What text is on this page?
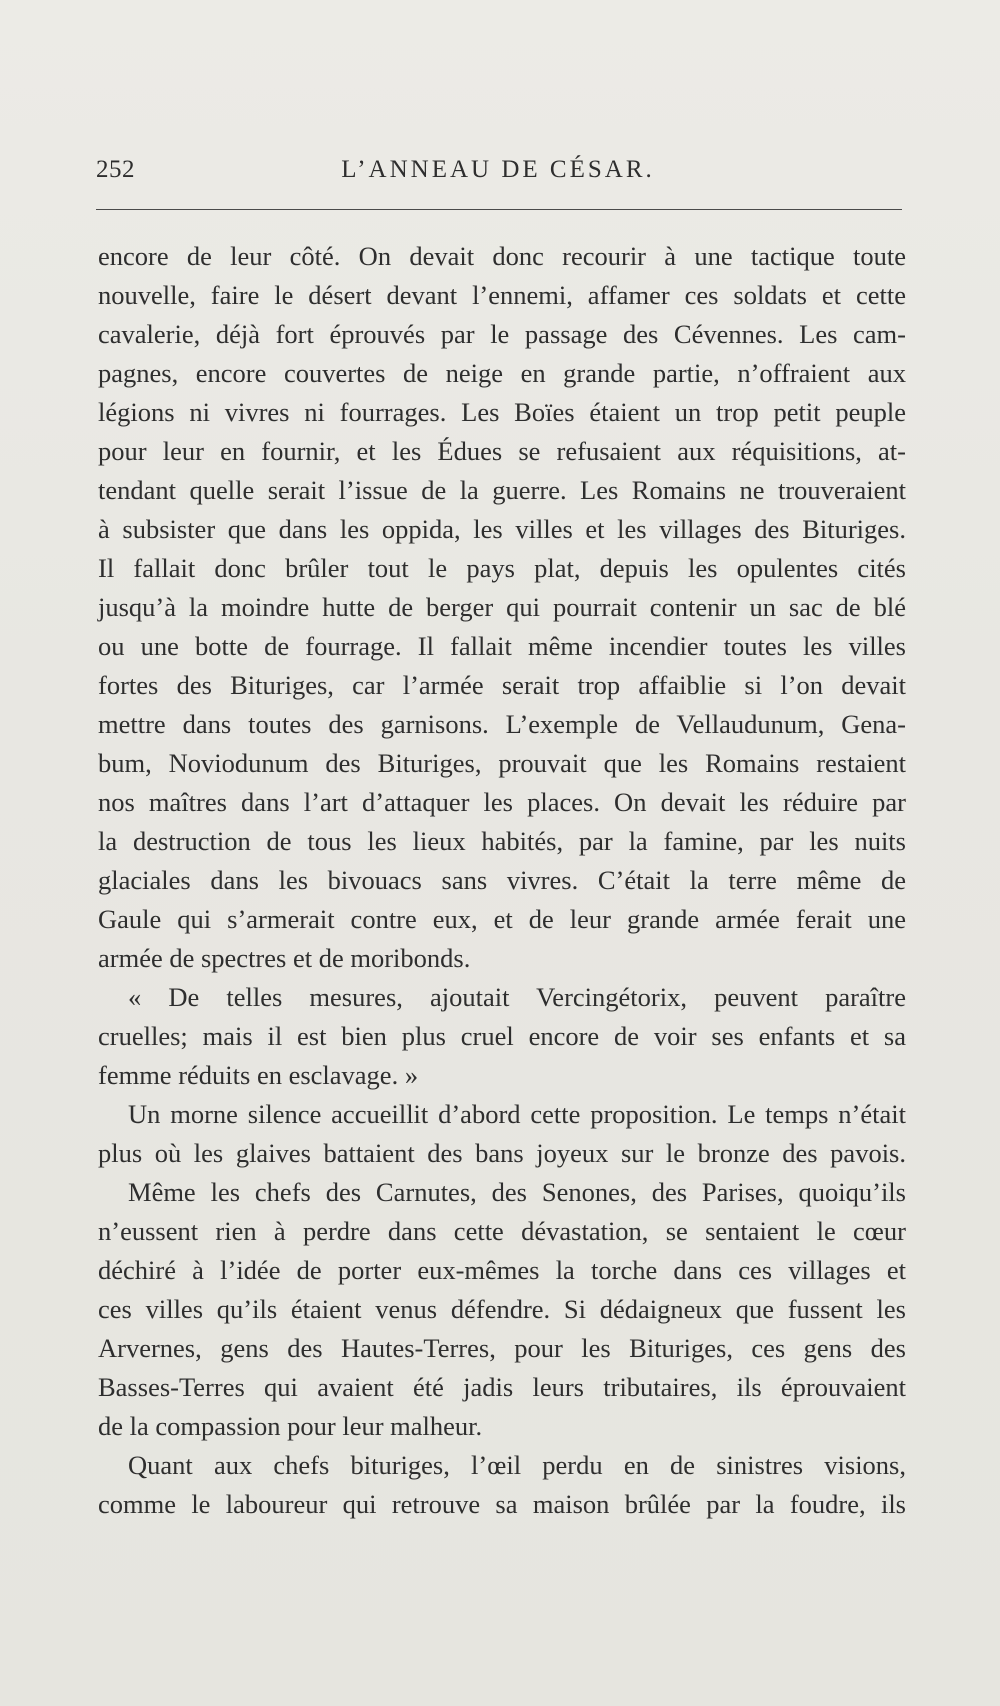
252	L’ANNEAU DE CÉSAR.
encore de leur côté. On devait donc recourir à une tactique toute
nouvelle, faire le désert devant l’ennemi, affamer ces soldats et cette
cavalerie, déjà fort éprouvés par le passage des Cévennes. Les cam-
pagnes, encore couvertes de neige en grande partie, n’offraient aux
légions ni vivres ni fourrages. Les Boïes étaient un trop petit peuple
pour leur en fournir, et les Édues se refusaient aux réquisitions, at-
tendant quelle serait l’issue de la guerre. Les Romains ne trouveraient
à subsister que dans les oppida, les villes et les villages des Bituriges.
Il fallait donc brûler tout le pays plat, depuis les opulentes cités
jusqu’à la moindre hutte de berger qui pourrait contenir un sac de blé
ou une botte de fourrage. Il fallait même incendier toutes les villes
fortes des Bituriges, car l’armée serait trop affaiblie si l’on devait
mettre dans toutes des garnisons. L’exemple de Vellaudunum, Gena-
bum, Noviodunum des Bituriges, prouvait que les Romains restaient
nos maîtres dans l’art d’attaquer les places. On devait les réduire par
la destruction de tous les lieux habités, par la famine, par les nuits
glaciales dans les bivouacs sans vivres. C’était la terre même de
Gaule qui s’armerait contre eux, et de leur grande armée ferait une
armée de spectres et de moribonds.
« De telles mesures, ajoutait Vercingétorix, peuvent paraître
cruelles; mais il est bien plus cruel encore de voir ses enfants et sa
femme réduits en esclavage. »
Un morne silence accueillit d’abord cette proposition. Le temps n’était
plus où les glaives battaient des bans joyeux sur le bronze des pavois.
Même les chefs des Carnutes, des Senones, des Parises, quoiqu’ils
n’eussent rien à perdre dans cette dévastation, se sentaient le cœur
déchiré à l’idée de porter eux-mêmes la torche dans ces villages et
ces villes qu’ils étaient venus défendre. Si dédaigneux que fussent les
Arvernes, gens des Hautes-Terres, pour les Bituriges, ces gens des
Basses-Terres qui avaient été jadis leurs tributaires, ils éprouvaient
de la compassion pour leur malheur.
Quant aux chefs bituriges, l’œil perdu en de sinistres visions,
comme le laboureur qui retrouve sa maison brûlée par la foudre, ils
